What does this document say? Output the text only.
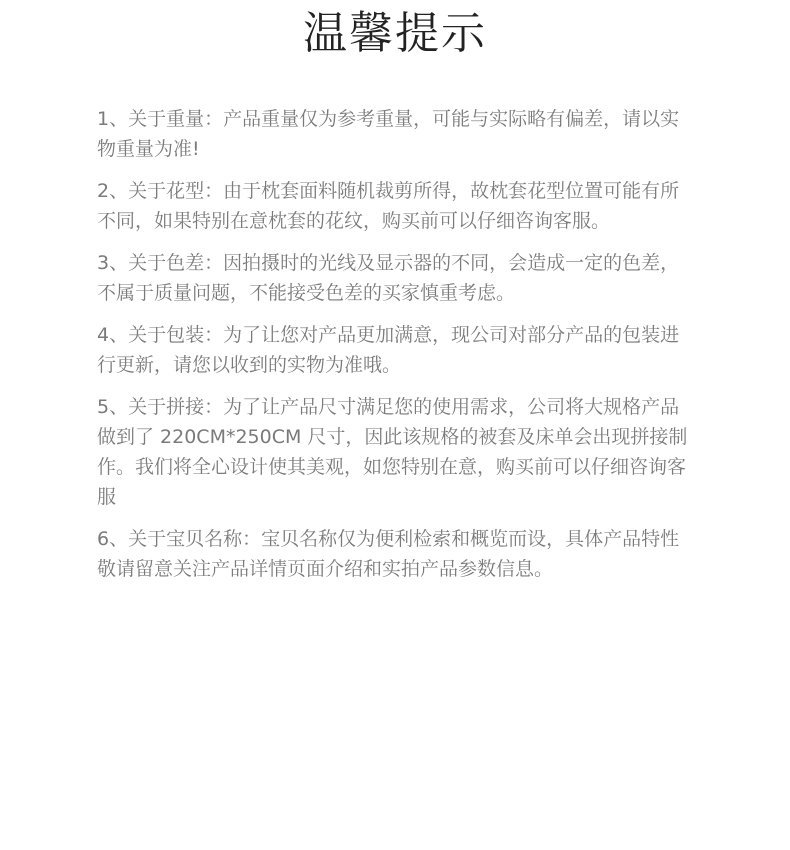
温馨提示
1、关于重量：产品重量仅为参考重量，可能与实际略有偏差，请以实物重量为准!
2、关于花型：由于枕套面料随机裁剪所得，故枕套花型位置可能有所不同，如果特别在意枕套的花纹，购买前可以仔细咨询客服。
3、关于色差：因拍摄时的光线及显示器的不同，会造成一定的色差，不属于质量问题，不能接受色差的买家慎重考虑。
4、关于包装：为了让您对产品更加满意，现公司对部分产品的包装进行更新，请您以收到的实物为准哦。
5、关于拼接：为了让产品尺寸满足您的使用需求，公司将大规格产品做到了 220CM*250CM 尺寸，因此该规格的被套及床单会出现拼接制作。我们将全心设计使其美观，如您特别在意，购买前可以仔细咨询客服
6、关于宝贝名称：宝贝名称仅为便利检索和概览而设，具体产品特性敬请留意关注产品详情页面介绍和实拍产品参数信息。
